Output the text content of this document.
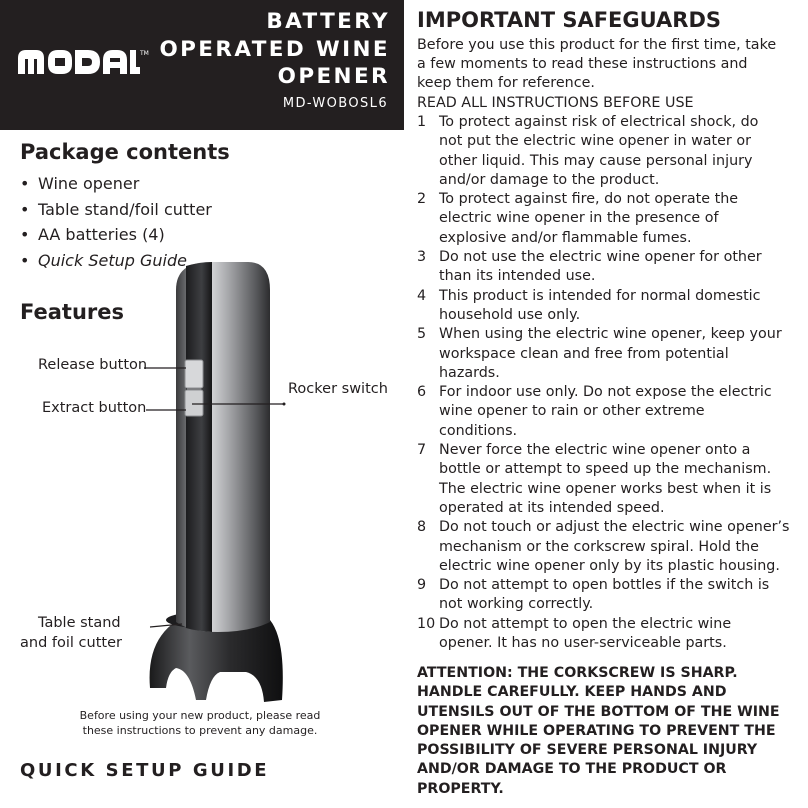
TM
BATTERY
OPERATED WINE
OPENER
MD-WOBOSL6
Package contents
• Wine opener
• Table stand/foil cutter
• AA batteries (4)
• Quick Setup Guide
Features
Release button
Extract button
Rocker switch
Table stand
and foil cutter
Before using your new product, please read
these instructions to prevent any damage.
QUICK SETUP GUIDE
IMPORTANT SAFEGUARDS
Before you use this product for the first time, take
a few moments to read these instructions and
keep them for reference.
READ ALL INSTRUCTIONS BEFORE USE
1 To protect against risk of electrical shock, do
not put the electric wine opener in water or
other liquid. This may cause personal injury
and/or damage to the product.
2 To protect against fire, do not operate the
electric wine opener in the presence of
explosive and/or flammable fumes.
3 Do not use the electric wine opener for other
than its intended use.
4 This product is intended for normal domestic
household use only.
5 When using the electric wine opener, keep your
workspace clean and free from potential
hazards.
6 For indoor use only. Do not expose the electric
wine opener to rain or other extreme
conditions.
7 Never force the electric wine opener onto a
bottle or attempt to speed up the mechanism.
The electric wine opener works best when it is
operated at its intended speed.
8 Do not touch or adjust the electric wine opener’s
mechanism or the corkscrew spiral. Hold the
electric wine opener only by its plastic housing.
9 Do not attempt to open bottles if the switch is
not working correctly.
10 Do not attempt to open the electric wine
opener. It has no user-serviceable parts.
ATTENTION: THE CORKSCREW IS SHARP.
HANDLE CAREFULLY. KEEP HANDS AND
UTENSILS OUT OF THE BOTTOM OF THE WINE
OPENER WHILE OPERATING TO PREVENT THE
POSSIBILITY OF SEVERE PERSONAL INJURY
AND/OR DAMAGE TO THE PRODUCT OR
PROPERTY.
